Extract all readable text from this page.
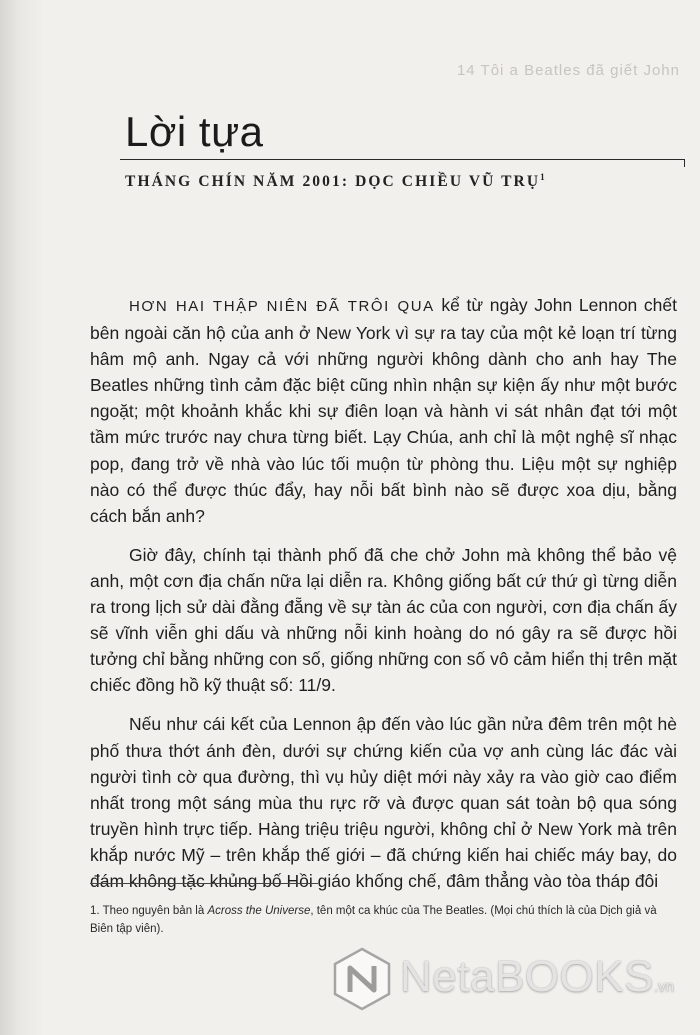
14 Tôi a Beatles đã giết John
Lời tựa
THÁNG CHÍN NĂM 2001: DỌC CHIỀU VŨ TRỤ$^1$

HƠN HAI THẬP NIÊN ĐÃ TRÔI QUA kể từ ngày John Lennon chết bên ngoài căn hộ của anh ở New York vì sự ra tay của một kẻ loạn trí từng hâm mộ anh. Ngay cả với những người không dành cho anh hay The Beatles những tình cảm đặc biệt cũng nhìn nhận sự kiện ấy như một bước ngoặt; một khoảnh khắc khi sự điên loạn và hành vi sát nhân đạt tới một tầm mức trước nay chưa từng biết. Lạy Chúa, anh chỉ là một nghệ sĩ nhạc pop, đang trở về nhà vào lúc tối muộn từ phòng thu. Liệu một sự nghiệp nào có thể được thúc đẩy, hay nỗi bất bình nào sẽ được xoa dịu, bằng cách bắn anh?

Giờ đây, chính tại thành phố đã che chở John mà không thể bảo vệ anh, một cơn địa chấn nữa lại diễn ra. Không giống bất cứ thứ gì từng diễn ra trong lịch sử dài đằng đẵng về sự tàn ác của con người, cơn địa chấn ấy sẽ vĩnh viễn ghi dấu và những nỗi kinh hoàng do nó gây ra sẽ được hồi tưởng chỉ bằng những con số, giống những con số vô cảm hiển thị trên mặt chiếc đồng hồ kỹ thuật số: 11/9.

Nếu như cái kết của Lennon ập đến vào lúc gần nửa đêm trên một hè phố thưa thớt ánh đèn, dưới sự chứng kiến của vợ anh cùng lác đác vài người tình cờ qua đường, thì vụ hủy diệt mới này xảy ra vào giờ cao điểm nhất trong một sáng mùa thu rực rỡ và được quan sát toàn bộ qua sóng truyền hình trực tiếp. Hàng triệu triệu người, không chỉ ở New York mà trên khắp nước Mỹ – trên khắp thế giới – đã chứng kiến hai chiếc máy bay, do đám không tặc khủng bố Hồi giáo khống chế, đâm thẳng vào tòa tháp đôi

1. Theo nguyên bản là Across the Universe, tên một ca khúc của The Beatles. (Mọi chú thích là của Dịch giả và Biên tập viên).

NetaBOOKS.vn
